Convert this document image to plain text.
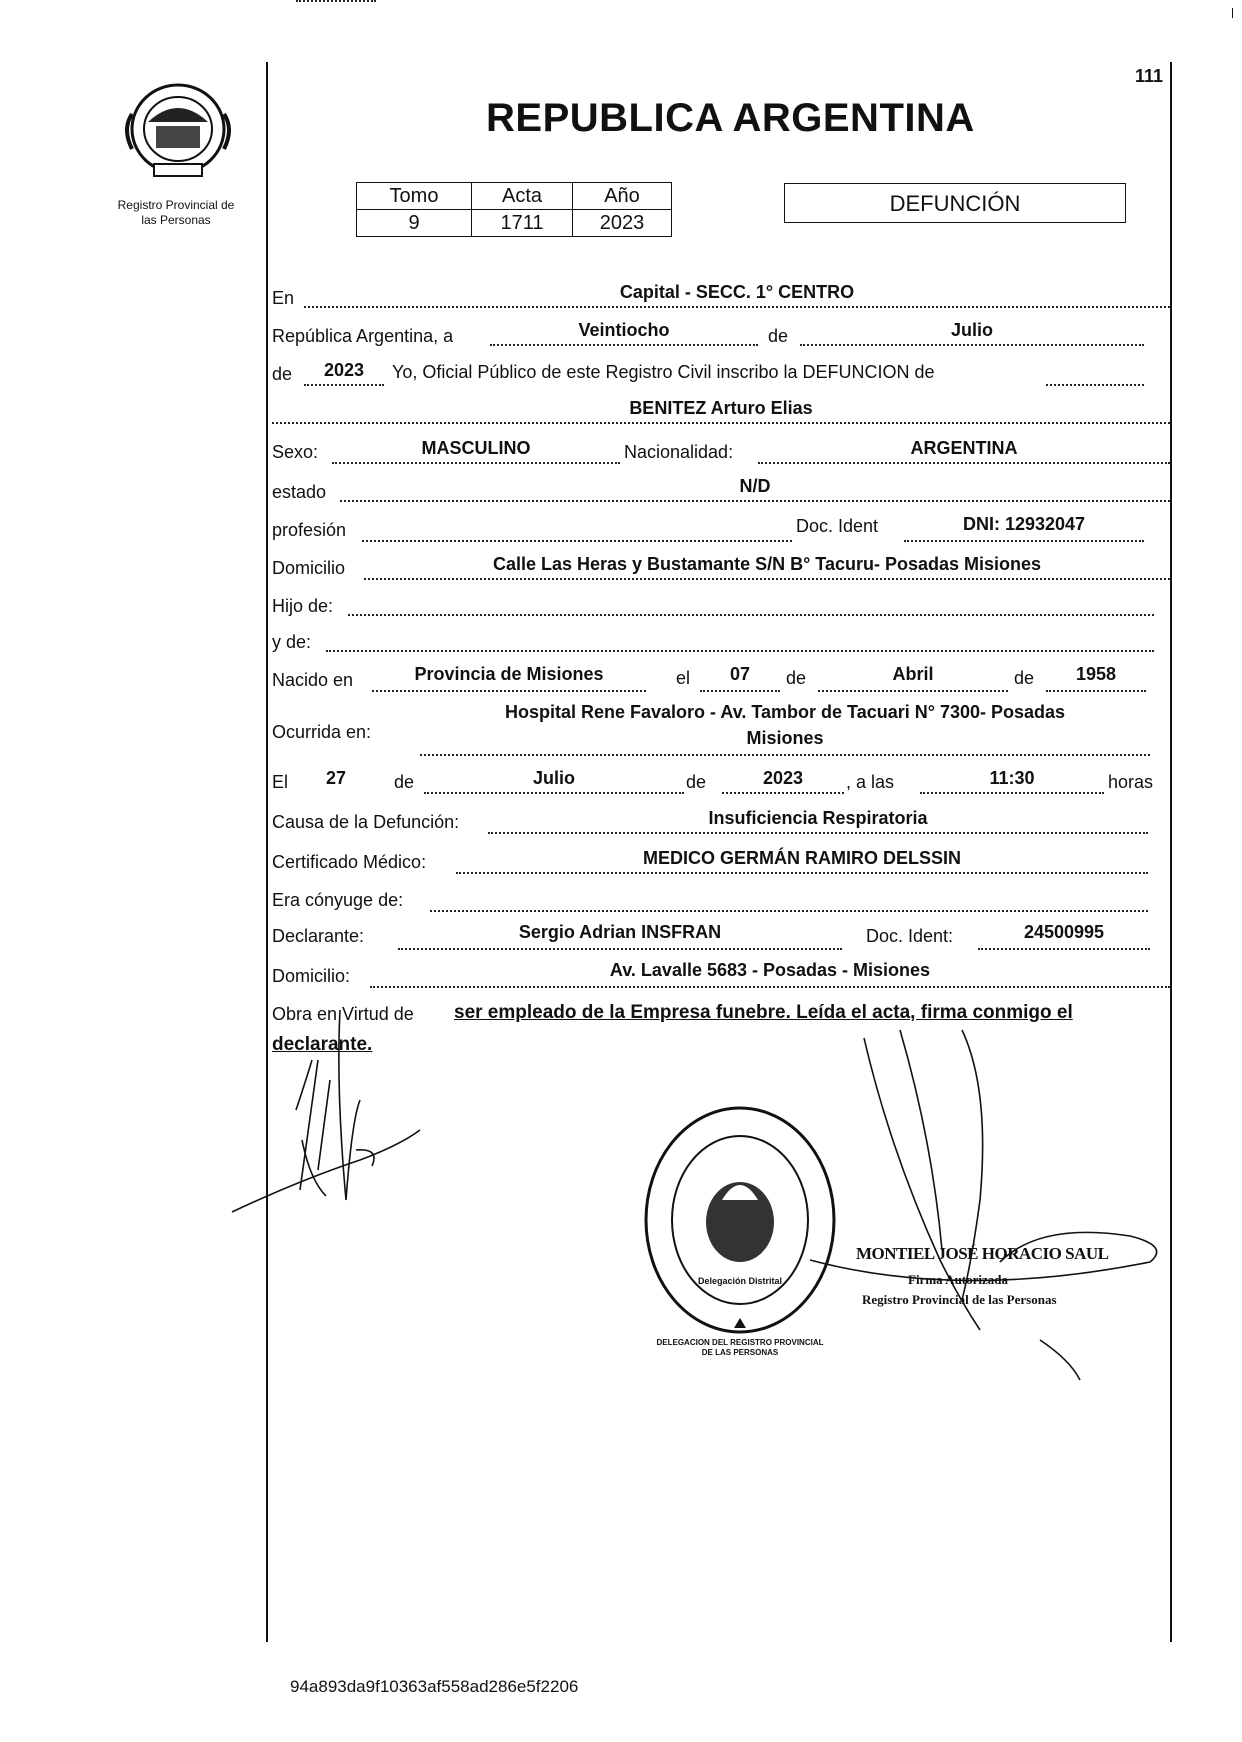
Registro Provincial de
las Personas
111
REPUBLICA ARGENTINA
Tomo	Acta	Año
9	1711	2023
DEFUNCIÓN
En	Capital - SECC. 1° CENTRO
República Argentina, a	Veintiocho	de	Julio
de	2023	Yo, Oficial Público de este Registro Civil inscribo la DEFUNCION de
BENITEZ Arturo Elias
Sexo:	MASCULINO	Nacionalidad:	ARGENTINA
estado	N/D
profesión	Doc. Ident	DNI: 12932047
Domicilio	Calle Las Heras y Bustamante S/N B° Tacuru- Posadas Misiones
Hijo de:
y de:
Nacido en	Provincia de Misiones	el	07	de	Abril	de	1958
Ocurrida en:
Hospital Rene Favaloro - Av. Tambor de Tacuari N° 7300- Posadas
Misiones
El	27	de	Julio	de	2023	, a las	11:30	horas
Causa de la Defunción:	Insuficiencia Respiratoria
Certificado Médico:	MEDICO GERMÁN RAMIRO DELSSIN
Era cónyuge de:
Declarante:	Sergio Adrian INSFRAN	Doc. Ident:	24500995
Domicilio:	Av. Lavalle 5683 - Posadas - Misiones
Obra en Virtud de ser empleado de la Empresa funebre. Leída el acta, firma conmigo el
declarante.
DELEGACION DEL REGISTRO PROVINCIAL DE LAS PERSONAS
Delegación Distrital
MONTIEL JOSÉ HORACIO SAUL
Firma Autorizada
Registro Provincial de las Personas
94a893da9f10363af558ad286e5f2206
